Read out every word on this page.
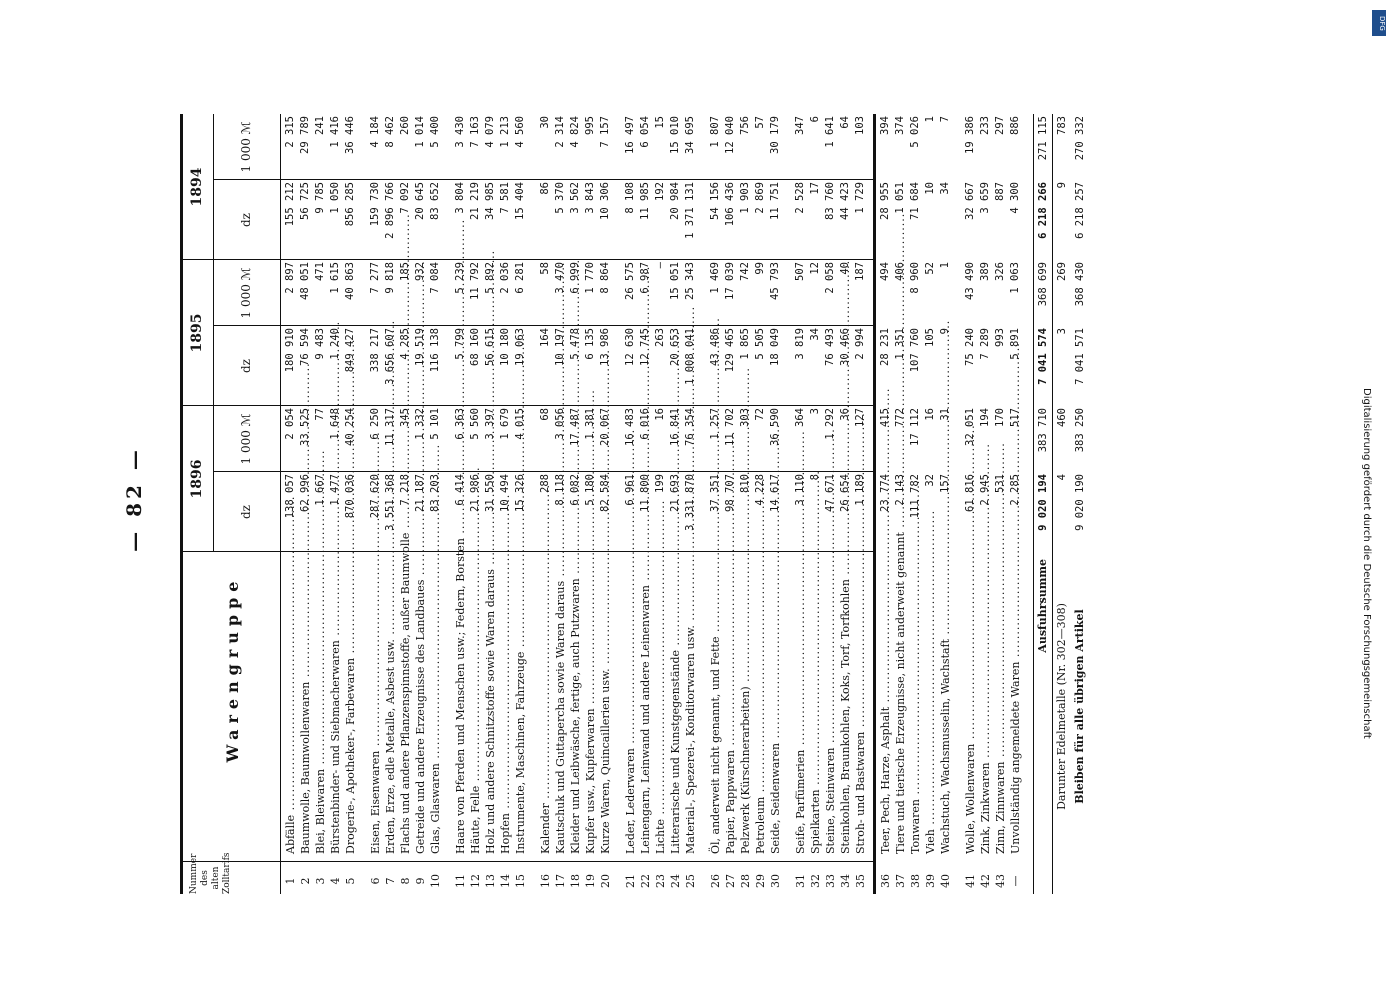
— 82 —
Nummer des alten Zolltarifs
Warengruppe
1896
1895
1894
dz
1 000 ℳ
dz
1 000 ℳ
dz
1 000 ℳ
1
Abfälle .....
138 057
2 054
180 910
2 897
155 212
2 315
2
Baumwolle, Baumwollenwaren .....
62 996
33 525
76 594
48 051
56 725
29 789
3
Blei, Bleiwaren .....
1 667
77
9 483
471
9 785
241
4
Bürstenbinder- und Siebmacherwaren .....
1 477
1 648
1 240
1 615
1 050
1 416
5
Drogerie-, Apotheker-, Farbewaren .....
870 036
40 254
849 427
40 863
856 285
36 446
6
Eisen, Eisenwaren .....
287 620
6 250
338 217
7 277
159 730
4 184
7
Erden, Erze, edle Metalle, Asbest usw. .....
3 551 368
11 317
3 656 607
9 818
2 896 766
8 462
8
Flachs und andere Pflanzenspinnstoffe, außer Baumwolle .....
7 218
345
4 285
185
7 092
260
9
Getreide und andere Erzeugnisse des Landbaues .....
21 187
1 332
19 519
932
20 645
1 014
10
Glas, Glaswaren .....
83 203
5 101
116 138
7 084
83 652
5 400
11
Haare von Pferden und Menschen usw.; Federn, Borsten .....
6 414
6 363
5 799
5 239
3 804
3 430
12
Häute, Felle .....
21 986
5 560
68 160
11 792
21 219
7 163
13
Holz und andere Schnitzstoffe sowie Waren daraus .....
31 550
3 397
56 615
5 892
34 985
4 079
14
Hopfen .....
10 494
1 679
10 180
2 036
7 581
1 213
15
Instrumente, Maschinen, Fahrzeuge .....
15 326
4 015
19 063
6 281
15 404
4 560
16
Kalender .....
288
68
164
58
86
30
17
Kautschuk und Guttapercha sowie Waren daraus .....
8 118
3 056
10 197
3 470
5 370
2 314
18
Kleider und Leibwäsche, fertige, auch Putzwaren .....
6 082
17 487
5 478
6 999
3 562
4 824
19
Kupfer usw., Kupferwaren .....
5 180
1 381
6 135
1 770
3 843
995
20
Kurze Waren, Quincaillerien usw. .....
82 584
20 067
13 986
8 864
10 306
7 157
21
Leder, Lederwaren .....
6 961
16 483
12 630
26 575
8 108
16 497
22
Leinengarn, Leinwand und andere Leinenwaren .....
11 800
6 016
12 745
6 987
11 985
6 054
23
Lichte .....
199
16
263
—
192
15
24
Litterarische und Kunstgegenstände .....
21 693
16 841
20 653
15 051
20 984
15 010
25
Material-, Spezerei-, Konditorwaren usw. .....
3 331 870
76 354
1 008 041
25 343
1 371 131
34 695
26
Öl, anderweit nicht genannt, und Fette .....
37 351
1 257
43 486
1 469
54 156
1 807
27
Papier, Pappwaren .....
98 707
11 702
129 465
17 039
106 436
12 040
28
Pelzwerk (Kürschnerarbeiten) .....
810
303
1 865
742
1 903
756
29
Petroleum .....
4 228
72
5 505
99
2 869
57
30
Seide, Seidenwaren .....
14 617
36 590
18 049
45 793
11 751
30 179
31
Seife, Parfümerien .....
3 110
364
3 819
507
2 528
347
32
Spielkarten .....
8
3
34
12
17
6
33
Steine, Steinwaren .....
47 671
1 292
76 493
2 058
83 760
1 641
34
Steinkohlen, Braunkohlen, Koks, Torf, Torfkohlen .....
26 654
36
30 466
40
44 423
64
35
Stroh- und Bastwaren .....
1 189
127
2 994
187
1 729
103
36
Teer, Pech, Harze, Asphalt .....
23 774
415
28 231
494
28 955
394
37
Tiere und tierische Erzeugnisse, nicht anderweit genannt .....
2 143
772
1 351
406
1 051
374
38
Tonwaren .....
111 782
17 112
107 760
8 960
71 684
5 026
39
Vieh .....
32
16
105
52
10
1
40
Wachstuch, Wachsmusselin, Wachstaft .....
157
31
9
1
34
7
41
Wolle, Wollenwaren .....
61 816
32 051
75 240
43 490
32 667
19 386
42
Zink, Zinkwaren .....
2 945
194
7 289
389
3 659
233
43
Zinn, Zinnwaren .....
531
170
993
326
887
297
—
Unvollständig angemeldete Waren .....
2 285
517
5 891
1 063
4 300
886
Ausfuhrsumme
9 020 194
383 710
7 041 574
368 699
6 218 266
271 115
Darunter Edelmetalle (Nr. 302—308)
4
460
3
269
9
783
Bleiben für alle übrigen Artikel
9 020 190
383 250
7 041 571
368 430
6 218 257
270 332
Digitalisierung gefördert durch die Deutsche Forschungsgemeinschaft
DFG
